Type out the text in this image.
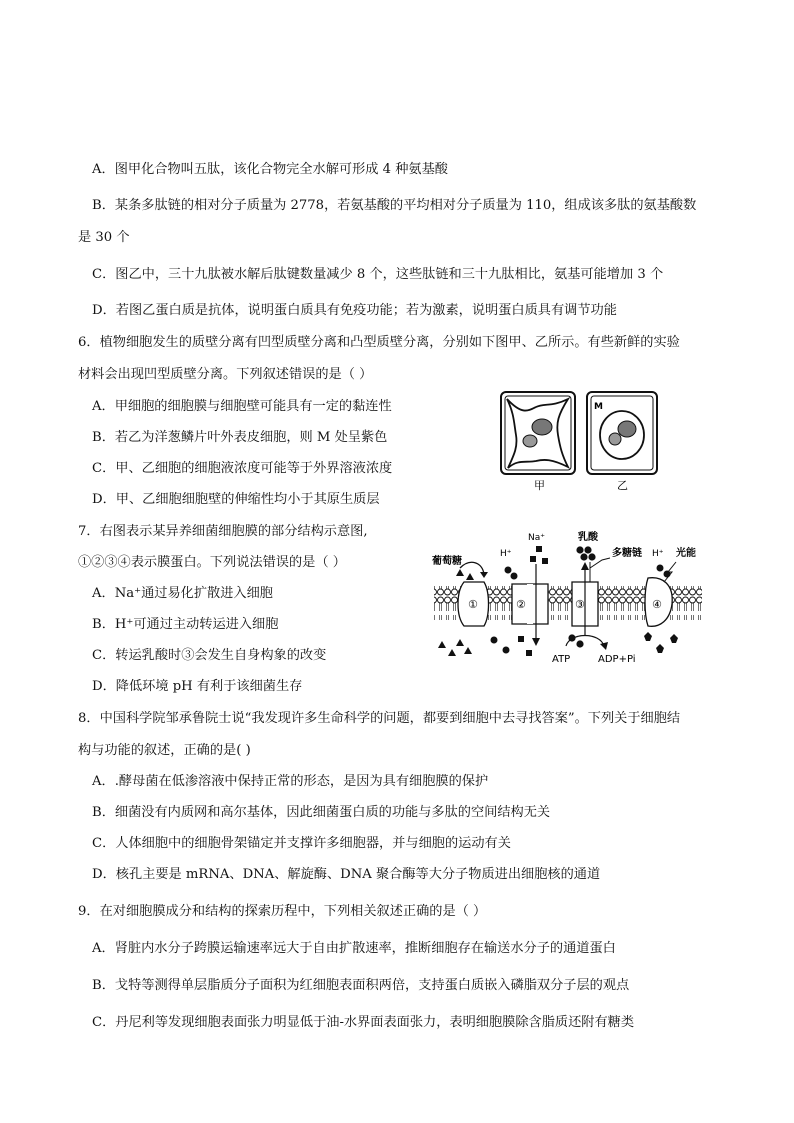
A．图甲化合物叫五肽，该化合物完全水解可形成 4 种氨基酸
B．某条多肽链的相对分子质量为 2778，若氨基酸的平均相对分子质量为 110，组成该多肽的氨基酸数
是 30 个
C．图乙中，三十九肽被水解后肽键数量减少 8 个，这些肽链和三十九肽相比，氨基可能增加 3 个
D．若图乙蛋白质是抗体，说明蛋白质具有免疫功能；若为激素，说明蛋白质具有调节功能
6．植物细胞发生的质壁分离有凹型质壁分离和凸型质壁分离，分别如下图甲、乙所示。有些新鲜的实验
材料会出现凹型质壁分离。下列叙述错误的是（ ）
A．甲细胞的细胞膜与细胞壁可能具有一定的黏连性
B．若乙为洋葱鳞片叶外表皮细胞，则 M 处呈紫色
C．甲、乙细胞的细胞液浓度可能等于外界溶液浓度
D．甲、乙细胞细胞壁的伸缩性均小于其原生质层
M
甲	乙
7．右图表示某异养细菌细胞膜的部分结构示意图,
①②③④表示膜蛋白。下列说法错误的是（ ）
A．Na⁺通过易化扩散进入细胞
B．H⁺可通过主动转运进入细胞
C．转运乳酸时③会发生自身构象的改变
D．降低环境 pH 有利于该细菌生存
①	②	③	④
葡萄糖
H⁺
Na⁺	乳酸
多糖链 H⁺ 光能
ATP	ADP+Pi
8．中国科学院邹承鲁院士说“我发现许多生命科学的问题，都要到细胞中去寻找答案”。下列关于细胞结
构与功能的叙述，正确的是( )
A．.酵母菌在低渗溶液中保持正常的形态，是因为具有细胞膜的保护
B．细菌没有内质网和高尔基体，因此细菌蛋白质的功能与多肽的空间结构无关
C．人体细胞中的细胞骨架锚定并支撑许多细胞器，并与细胞的运动有关
D．核孔主要是 mRNA、DNA、解旋酶、DNA 聚合酶等大分子物质进出细胞核的通道
9．在对细胞膜成分和结构的探索历程中，下列相关叙述正确的是（ ）
A．肾脏内水分子跨膜运输速率远大于自由扩散速率，推断细胞存在输送水分子的通道蛋白
B．戈特等测得单层脂质分子面积为红细胞表面积两倍，支持蛋白质嵌入磷脂双分子层的观点
C．丹尼利等发现细胞表面张力明显低于油-水界面表面张力，表明细胞膜除含脂质还附有糖类
